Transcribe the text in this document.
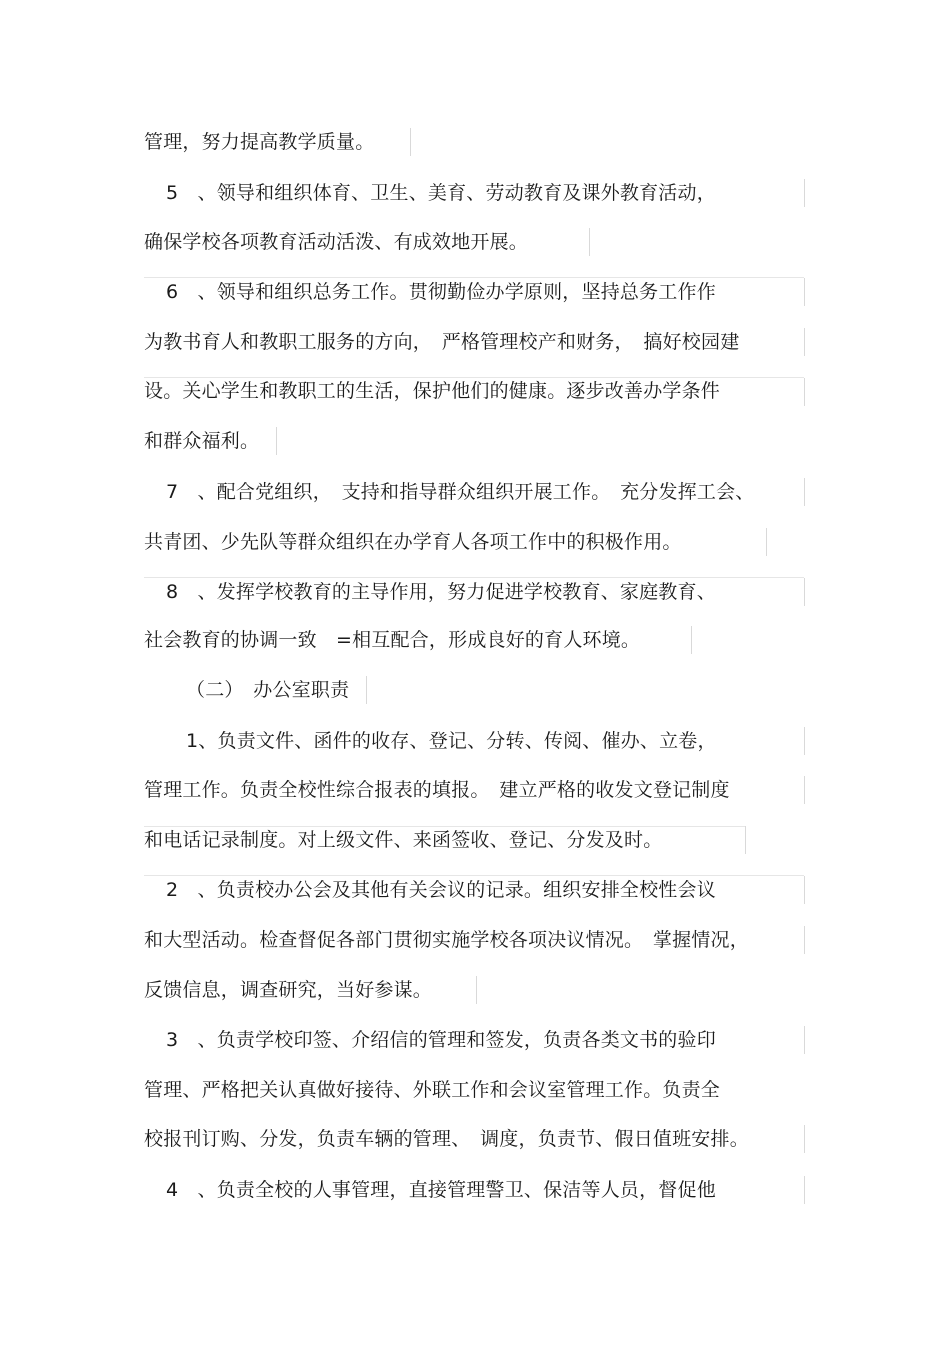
管理，努力提高教学质量。
5　、领导和组织体育、卫生、美育、劳动教育及课外教育活动，
确保学校各项教育活动活泼、有成效地开展。
6　、领导和组织总务工作。贯彻勤俭办学原则，坚持总务工作作
为教书育人和教职工服务的方向，　严格管理校产和财务，　搞好校园建
设。关心学生和教职工的生活，保护他们的健康。逐步改善办学条件
和群众福利。
7　、配合党组织，　支持和指导群众组织开展工作。　充分发挥工会、
共青团、少先队等群众组织在办学育人各项工作中的积极作用。
8　、发挥学校教育的主导作用，努力促进学校教育、家庭教育、
社会教育的协调一致　=相互配合，形成良好的育人环境。
（二）　办公室职责
1、负责文件、函件的收存、登记、分转、传阅、催办、立卷，
管理工作。负责全校性综合报表的填报。　建立严格的收发文登记制度
和电话记录制度。对上级文件、来函签收、登记、分发及时。
2　、负责校办公会及其他有关会议的记录。组织安排全校性会议
和大型活动。检查督促各部门贯彻实施学校各项决议情况。　掌握情况，
反馈信息，调查研究，当好参谋。
3　、负责学校印签、介绍信的管理和签发，负责各类文书的验印
管理、严格把关认真做好接待、外联工作和会议室管理工作。负责全
校报刊订购、分发，负责车辆的管理、　调度，负责节、假日值班安排。
4　、负责全校的人事管理，直接管理警卫、保洁等人员，督促他
